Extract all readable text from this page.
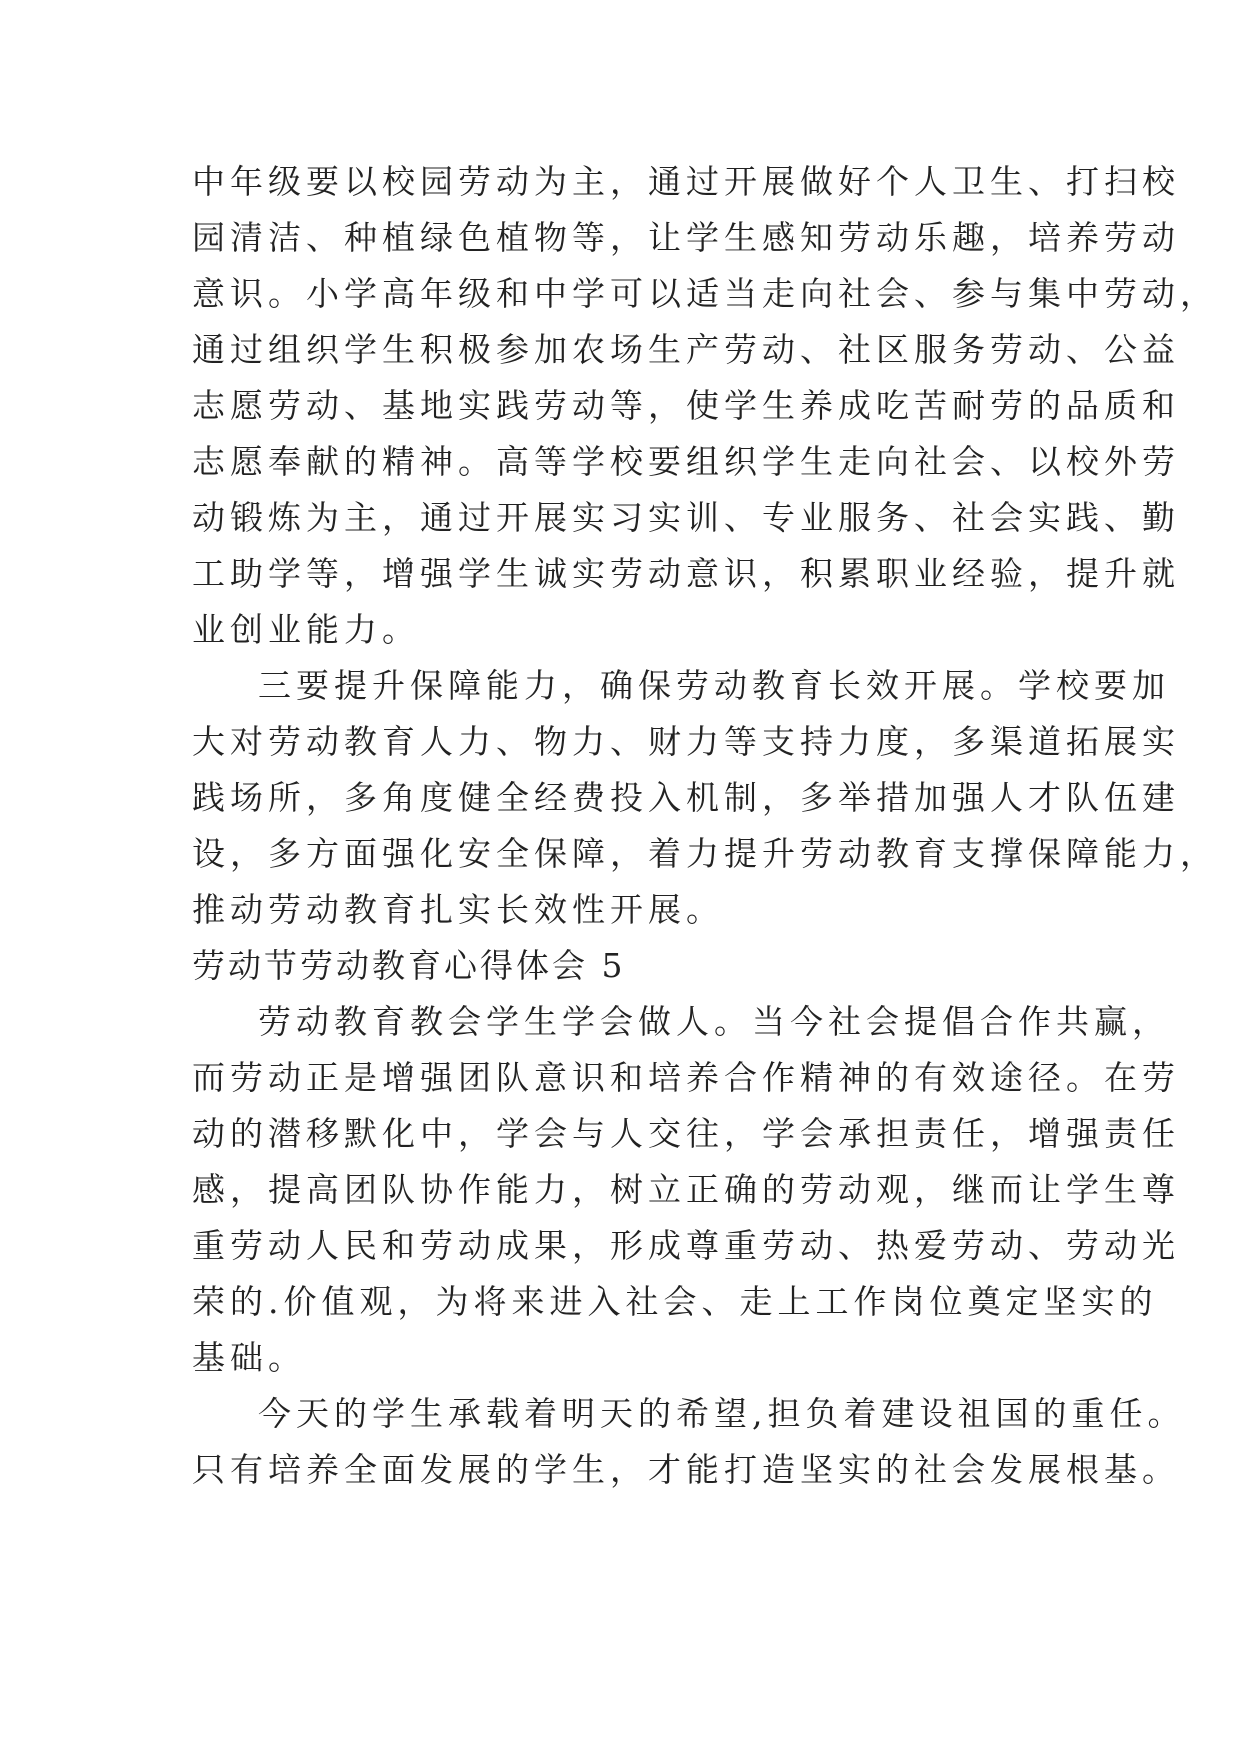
中年级要以校园劳动为主，通过开展做好个人卫生、打扫校
园清洁、种植绿色植物等，让学生感知劳动乐趣，培养劳动
意识。小学高年级和中学可以适当走向社会、参与集中劳动，
通过组织学生积极参加农场生产劳动、社区服务劳动、公益
志愿劳动、基地实践劳动等，使学生养成吃苦耐劳的品质和
志愿奉献的精神。高等学校要组织学生走向社会、以校外劳
动锻炼为主，通过开展实习实训、专业服务、社会实践、勤
工助学等，增强学生诚实劳动意识，积累职业经验，提升就
业创业能力。
三要提升保障能力，确保劳动教育长效开展。学校要加
大对劳动教育人力、物力、财力等支持力度，多渠道拓展实
践场所，多角度健全经费投入机制，多举措加强人才队伍建
设，多方面强化安全保障，着力提升劳动教育支撑保障能力，
推动劳动教育扎实长效性开展。
劳动节劳动教育心得体会 5
劳动教育教会学生学会做人。当今社会提倡合作共赢，
而劳动正是增强团队意识和培养合作精神的有效途径。在劳
动的潜移默化中，学会与人交往，学会承担责任，增强责任
感，提高团队协作能力，树立正确的劳动观，继而让学生尊
重劳动人民和劳动成果，形成尊重劳动、热爱劳动、劳动光
荣的.价值观，为将来进入社会、走上工作岗位奠定坚实的
基础。
今天的学生承载着明天的希望,担负着建设祖国的重任。
只有培养全面发展的学生，才能打造坚实的社会发展根基。
